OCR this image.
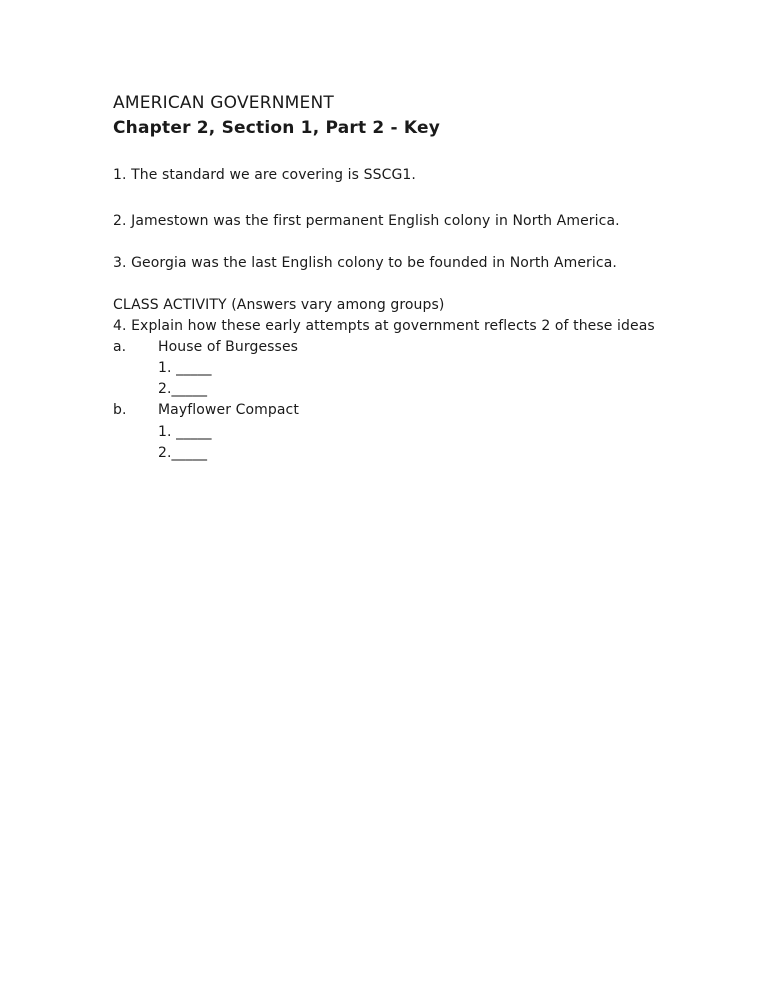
AMERICAN GOVERNMENT
Chapter 2, Section 1, Part 2 - Key
1. The standard we are covering is SSCG1.
2. Jamestown was the first permanent English colony in North America.
3. Georgia was the last English colony to be founded in North America.
CLASS ACTIVITY (Answers vary among groups)
4. Explain how these early attempts at government reflects 2 of these ideas
a. House of Burgesses
1. _____
2._____
b. Mayflower Compact
1. _____
2._____
